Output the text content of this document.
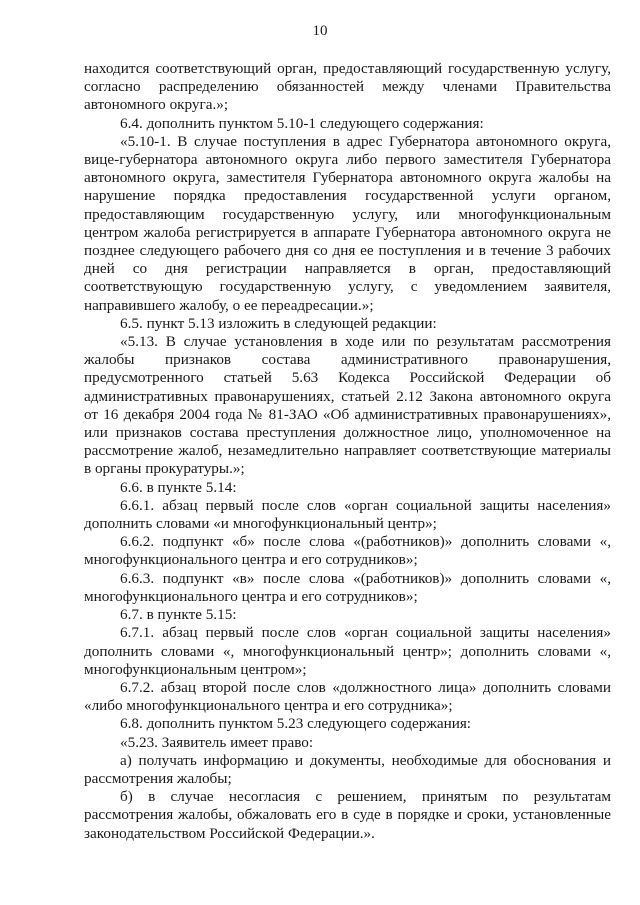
10

находится соответствующий орган, предоставляющий государственную услугу, согласно распределению обязанностей между членами Правительства автономного округа.»;

6.4. дополнить пунктом 5.10-1 следующего содержания:

«5.10-1. В случае поступления в адрес Губернатора автономного округа, вице-губернатора автономного округа либо первого заместителя Губернатора автономного округа, заместителя Губернатора автономного округа жалобы на нарушение порядка предоставления государственной услуги органом, предоставляющим государственную услугу, или многофункциональным центром жалоба регистрируется в аппарате Губернатора автономного округа не позднее следующего рабочего дня со дня ее поступления и в течение 3 рабочих дней со дня регистрации направляется в орган, предоставляющий соответствующую государственную услугу, с уведомлением заявителя, направившего жалобу, о ее переадресации.»;

6.5. пункт 5.13 изложить в следующей редакции:

«5.13. В случае установления в ходе или по результатам рассмотрения жалобы признаков состава административного правонарушения, предусмотренного статьей 5.63 Кодекса Российской Федерации об административных правонарушениях, статьей 2.12 Закона автономного округа от 16 декабря 2004 года № 81-ЗАО «Об административных правонарушениях», или признаков состава преступления должностное лицо, уполномоченное на рассмотрение жалоб, незамедлительно направляет соответствующие материалы в органы прокуратуры.»;

6.6. в пункте 5.14:

6.6.1. абзац первый после слов «орган социальной защиты населения» дополнить словами «и многофункциональный центр»;

6.6.2. подпункт «б» после слова «(работников)» дополнить словами «, многофункционального центра и его сотрудников»;

6.6.3. подпункт «в» после слова «(работников)» дополнить словами «, многофункционального центра и его сотрудников»;

6.7. в пункте 5.15:

6.7.1. абзац первый после слов «орган социальной защиты населения» дополнить словами «, многофункциональный центр»; дополнить словами «, многофункциональным центром»;

6.7.2. абзац второй после слов «должностного лица» дополнить словами «либо многофункционального центра и его сотрудника»;

6.8. дополнить пунктом 5.23 следующего содержания:

«5.23. Заявитель имеет право:

а) получать информацию и документы, необходимые для обоснования и рассмотрения жалобы;

б) в случае несогласия с решением, принятым по результатам рассмотрения жалобы, обжаловать его в суде в порядке и сроки, установленные законодательством Российской Федерации.».
